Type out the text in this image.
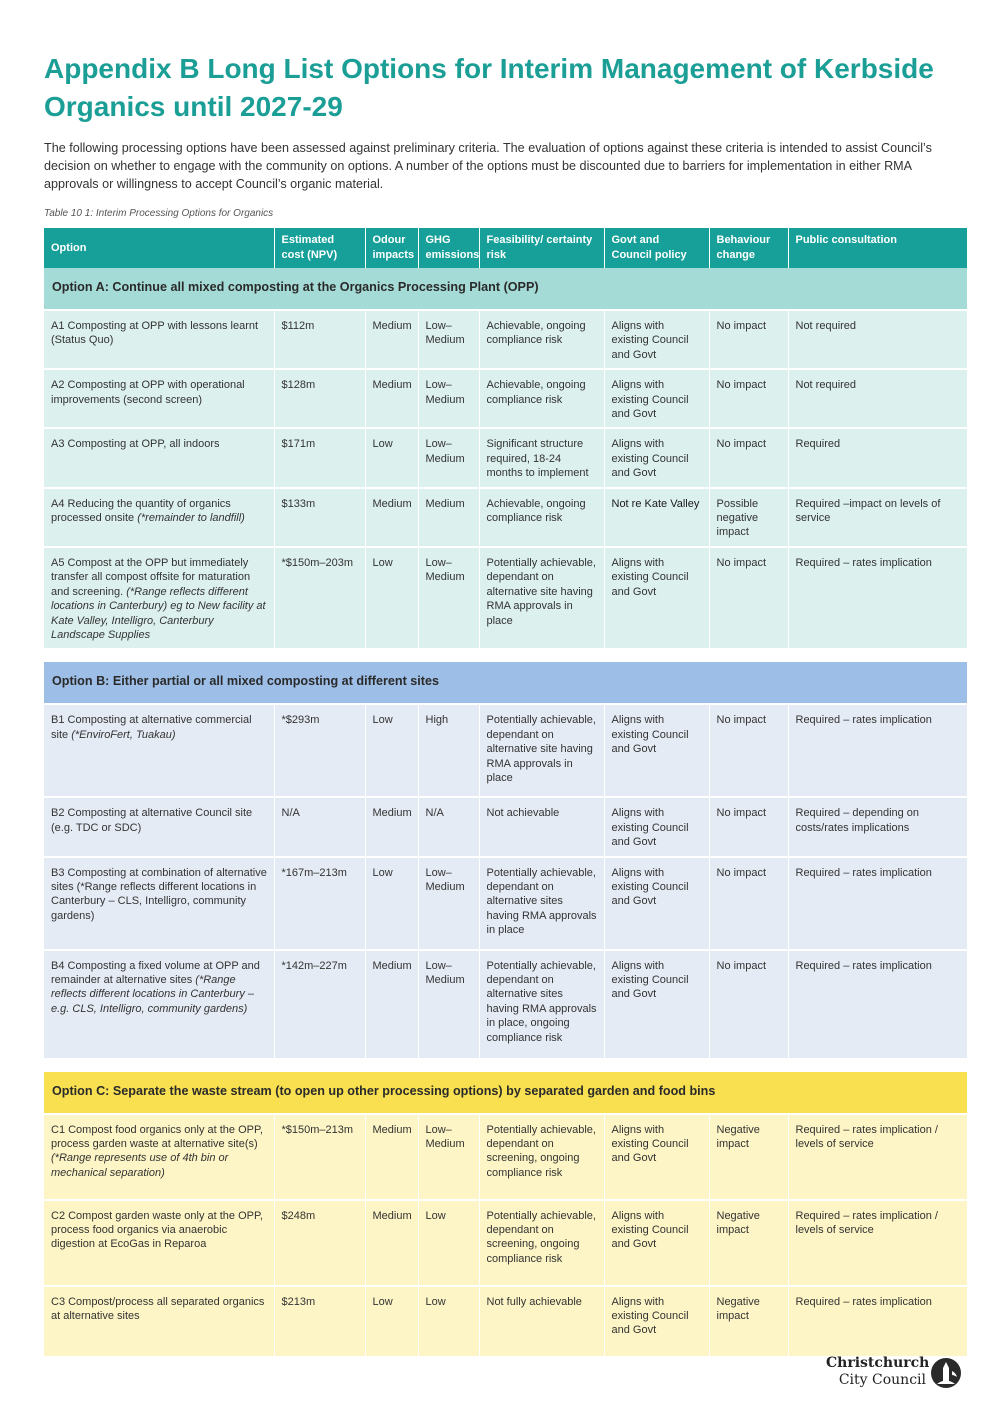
Appendix B Long List Options for Interim Management of Kerbside Organics until 2027-29

The following processing options have been assessed against preliminary criteria. The evaluation of options against these criteria is intended to assist Council’s decision on whether to engage with the community on options. A number of the options must be discounted due to barriers for implementation in either RMA approvals or willingness to accept Council’s organic material.

Table 10 1: Interim Processing Options for Organics

Option	Estimated cost (NPV)	Odour impacts	GHG emissions	Feasibility/ certainty risk	Govt and Council policy	Behaviour change	Public consultation
Option A: Continue all mixed composting at the Organics Processing Plant (OPP)							
A1 Composting at OPP with lessons learnt (Status Quo)	$112m	Medium	Low–Medium	Achievable, ongoing compliance risk	Aligns with existing Council and Govt	No impact	Not required
A2 Composting at OPP with operational improvements (second screen)	$128m	Medium	Low–Medium	Achievable, ongoing compliance risk	Aligns with existing Council and Govt	No impact	Not required
A3 Composting at OPP, all indoors	$171m	Low	Low–Medium	Significant structure required, 18-24 months to implement	Aligns with existing Council and Govt	No impact	Required
A4 Reducing the quantity of organics processed onsite (*remainder to landfill)	$133m	Medium	Medium	Achievable, ongoing compliance risk	Not re Kate Valley	Possible negative impact	Required –impact on levels of service
A5 Compost at the OPP but immediately transfer all compost offsite for maturation and screening. (*Range reflects different locations in Canterbury) eg to New facility at Kate Valley, Intelligro, Canterbury Landscape Supplies	*$150m–203m	Low	Low–Medium	Potentially achievable, dependant on alternative site having RMA approvals in place	Aligns with existing Council and Govt	No impact	Required – rates implication

Option B: Either partial or all mixed composting at different sites							
B1 Composting at alternative commercial site (*EnviroFert, Tuakau)	*$293m	Low	High	Potentially achievable, dependant on alternative site having RMA approvals in place	Aligns with existing Council and Govt	No impact	Required – rates implication
B2 Composting at alternative Council site (e.g. TDC or SDC)	N/A	Medium	N/A	Not achievable	Aligns with existing Council and Govt	No impact	Required – depending on costs/rates implications
B3 Composting at combination of alternative sites (*Range reflects different locations in Canterbury – CLS, Intelligro, community gardens)	*167m–213m	Low	Low–Medium	Potentially achievable, dependant on alternative sites having RMA approvals in place	Aligns with existing Council and Govt	No impact	Required – rates implication
B4 Composting a fixed volume at OPP and remainder at alternative sites (*Range reflects different locations in Canterbury – e.g. CLS, Intelligro, community gardens)	*142m–227m	Medium	Low–Medium	Potentially achievable, dependant on alternative sites having RMA approvals in place, ongoing compliance risk	Aligns with existing Council and Govt	No impact	Required – rates implication

Option C: Separate the waste stream (to open up other processing options) by separated garden and food bins							
C1 Compost food organics only at the OPP, process garden waste at alternative site(s) (*Range represents use of 4th bin or mechanical separation)	*$150m–213m	Medium	Low–Medium	Potentially achievable, dependant on screening, ongoing compliance risk	Aligns with existing Council and Govt	Negative impact	Required – rates implication / levels of service
C2 Compost garden waste only at the OPP, process food organics via anaerobic digestion at EcoGas in Reparoa	$248m	Medium	Low	Potentially achievable, dependant on screening, ongoing compliance risk	Aligns with existing Council and Govt	Negative impact	Required – rates implication / levels of service
C3 Compost/process all separated organics at alternative sites	$213m	Low	Low	Not fully achievable	Aligns with existing Council and Govt	Negative impact	Required – rates implication
Christchurch
City Council
